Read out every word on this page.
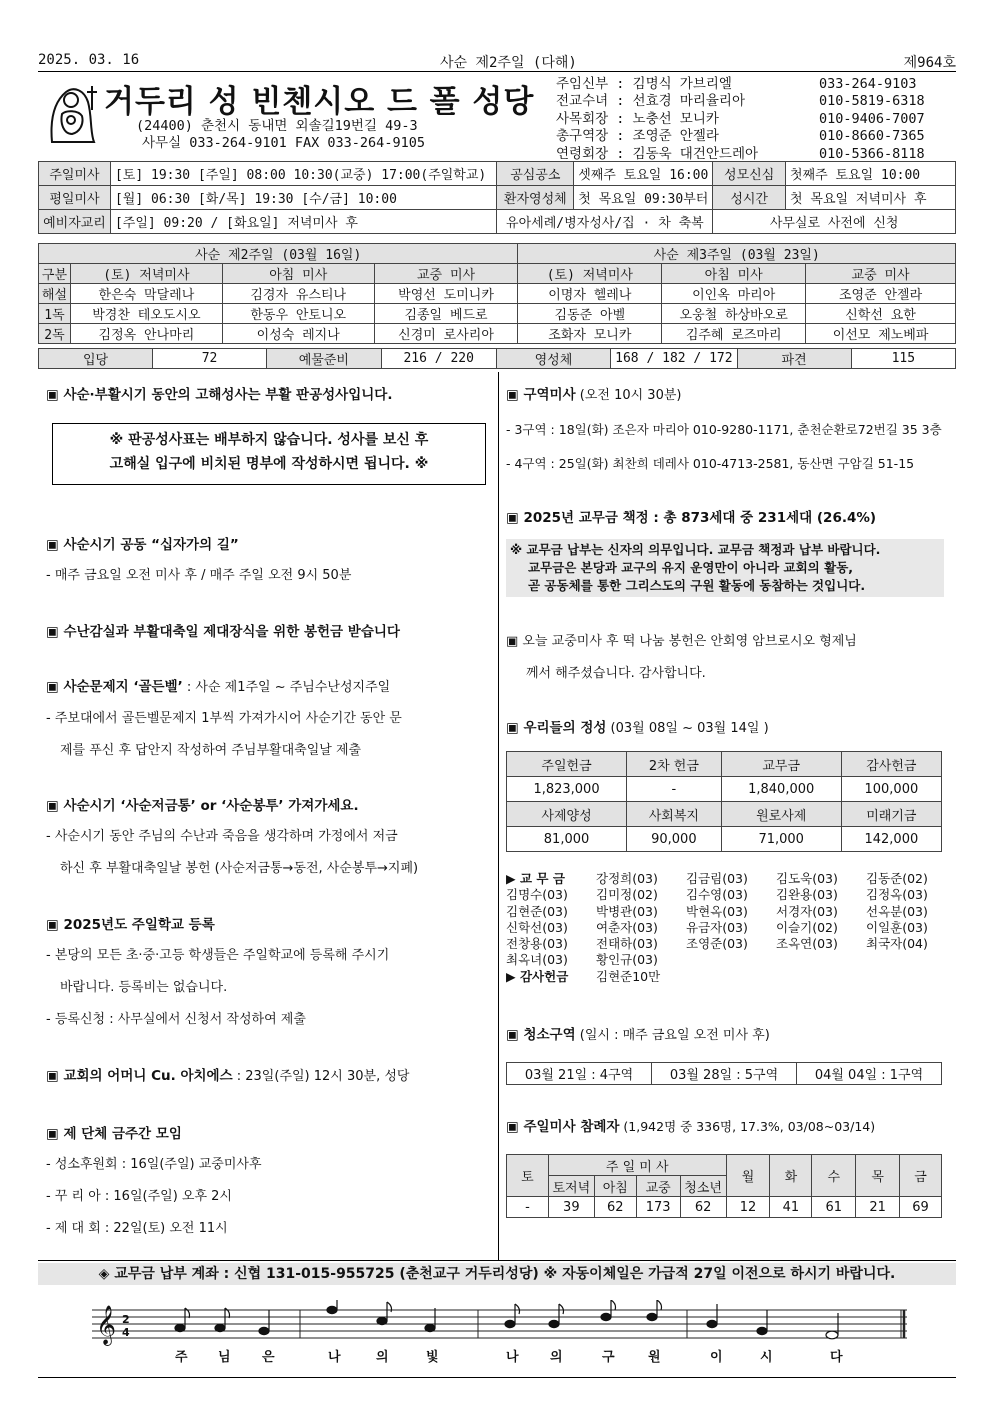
2025. 03. 16	사순 제2주일 (다해)	제964호
거두리 성 빈첸시오 드 폴 성당
(24400) 춘천시 동내면 외솔길19번길 49-3
사무실 033-264-9101 FAX 033-264-9105
주임신부 : 김명식 가브리엘	033-264-9103
전교수녀 : 선효경 마리율리아	010-5819-6318
사목회장 : 노충선 모니카	010-9406-7007
총구역장 : 조영준 안젤라	010-8660-7365
연령회장 : 김동욱 대건안드레아	010-5366-8118
주일미사	[토] 19:30 [주일] 08:00 10:30(교중) 17:00(주일학교)	공심공소	셋째주 토요일 16:00	성모신심	첫째주 토요일 10:00
평일미사	[월] 06:30 [화/목] 19:30 [수/금] 10:00	환자영성체	첫 목요일 09:30부터	성시간	첫 목요일 저녁미사 후
예비자교리	[주일] 09:20 / [화요일] 저녁미사 후	유아세례/병자성사/집 · 차 축복		사무실로 사전에 신청	
사순 제2주일 (03월 16일)				사순 제3주일 (03월 23일)		
구분	(토) 저녁미사	아침 미사	교중 미사	(토) 저녁미사	아침 미사	교중 미사
해설	한은숙 막달레나	김경자 유스티나	박영선 도미니카	이명자 헬레나	이인옥 마리아	조영준 안젤라
1독	박경찬 테오도시오	한동우 안토니오	김종일 베드로	김동준 아벨	오웅철 하상바오로	신학선 요한
2독	김정옥 안나마리	이성숙 레지나	신경미 로사리아	조화자 모니카	김주혜 로즈마리	이선모 제노베파
입당	72	예물준비	216 / 220	영성체	168 / 182 / 172	파견	115
▣ 사순·부활시기 동안의 고해성사는 부활 판공성사입니다.
※ 판공성사표는 배부하지 않습니다. 성사를 보신 후
고해실 입구에 비치된 명부에 작성하시면 됩니다. ※
▣ 사순시기 공동 “십자가의 길”
- 매주 금요일 오전 미사 후 / 매주 주일 오전 9시 50분
▣ 수난감실과 부활대축일 제대장식을 위한 봉헌금 받습니다
▣ 사순문제지 ‘골든벨’ : 사순 제1주일 ~ 주님수난성지주일
- 주보대에서 골든벨문제지 1부씩 가져가시어 사순기간 동안 문
제를 푸신 후 답안지 작성하여 주님부활대축일날 제출
▣ 사순시기 ‘사순저금통’ or ‘사순봉투’ 가져가세요.
- 사순시기 동안 주님의 수난과 죽음을 생각하며 가정에서 저금
하신 후 부활대축일날 봉헌 (사순저금통→동전, 사순봉투→지폐)
▣ 2025년도 주일학교 등록
- 본당의 모든 초·중·고등 학생들은 주일학교에 등록해 주시기
바랍니다. 등록비는 없습니다.
- 등록신청 : 사무실에서 신청서 작성하여 제출
▣ 교회의 어머니 Cu. 아치에스 : 23일(주일) 12시 30분, 성당
▣ 제 단체 금주간 모임
- 성소후원회 : 16일(주일) 교중미사후
- 꾸 리 아 : 16일(주일) 오후 2시
- 제 대 회 : 22일(토) 오전 11시
▣ 구역미사 (오전 10시 30분)
- 3구역 : 18일(화) 조은자 마리아 010-9280-1171, 춘천순환로72번길 35 3층
- 4구역 : 25일(화) 최찬희 데레사 010-4713-2581, 동산면 구암길 51-15
▣ 2025년 교무금 책정 : 총 873세대 중 231세대 (26.4%)
※ 교무금 납부는 신자의 의무입니다. 교무금 책정과 납부 바랍니다.
교무금은 본당과 교구의 유지 운영만이 아니라 교회의 활동,
곧 공동체를 통한 그리스도의 구원 활동에 동참하는 것입니다.
▣ 오늘 교중미사 후 떡 나눔 봉헌은 안회영 암브로시오 형제님
께서 해주셨습니다. 감사합니다.
▣ 우리들의 정성 (03월 08일 ~ 03월 14일 )
주일헌금	2차 헌금	교무금	감사헌금
1,823,000	-	1,840,000	100,000
사제양성	사회복지	원로사제	미래기금
81,000	90,000	71,000	142,000
▶ 교 무 금 강정희(03) 김금림(03) 김도욱(03) 김동준(02)
김명수(03) 김미정(02) 김수영(03) 김완용(03) 김정옥(03)
김현준(03) 박병관(03) 박현옥(03) 서경자(03) 선옥분(03)
신학선(03) 여춘자(03) 유금자(03) 이슬기(02) 이일훈(03)
전창용(03) 전태하(03) 조영준(03) 조옥연(03) 최국자(04)
최옥녀(03) 황인규(03)
▶ 감사헌금 김현준10만
▣ 청소구역 (일시 : 매주 금요일 오전 미사 후)
03월 21일 : 4구역	03월 28일 : 5구역	04월 04일 : 1구역
▣ 주일미사 참례자 (1,942명 중 336명, 17.3%, 03/08~03/14)
토	주 일 미 사				월	화	수	목	금
	토저녁	아침	교중	청소년					
-	39	62	173	62	12	41	61	21	69
◈ 교무금 납부 계좌 : 신협 131-015-955725 (춘천교구 거두리성당) ※ 자동이체일은 가급적 27일 이전으로 하시기 바랍니다.
𝄞 2
4
주 님 은	나	의	빛	나 의	구	원	이	시	다
